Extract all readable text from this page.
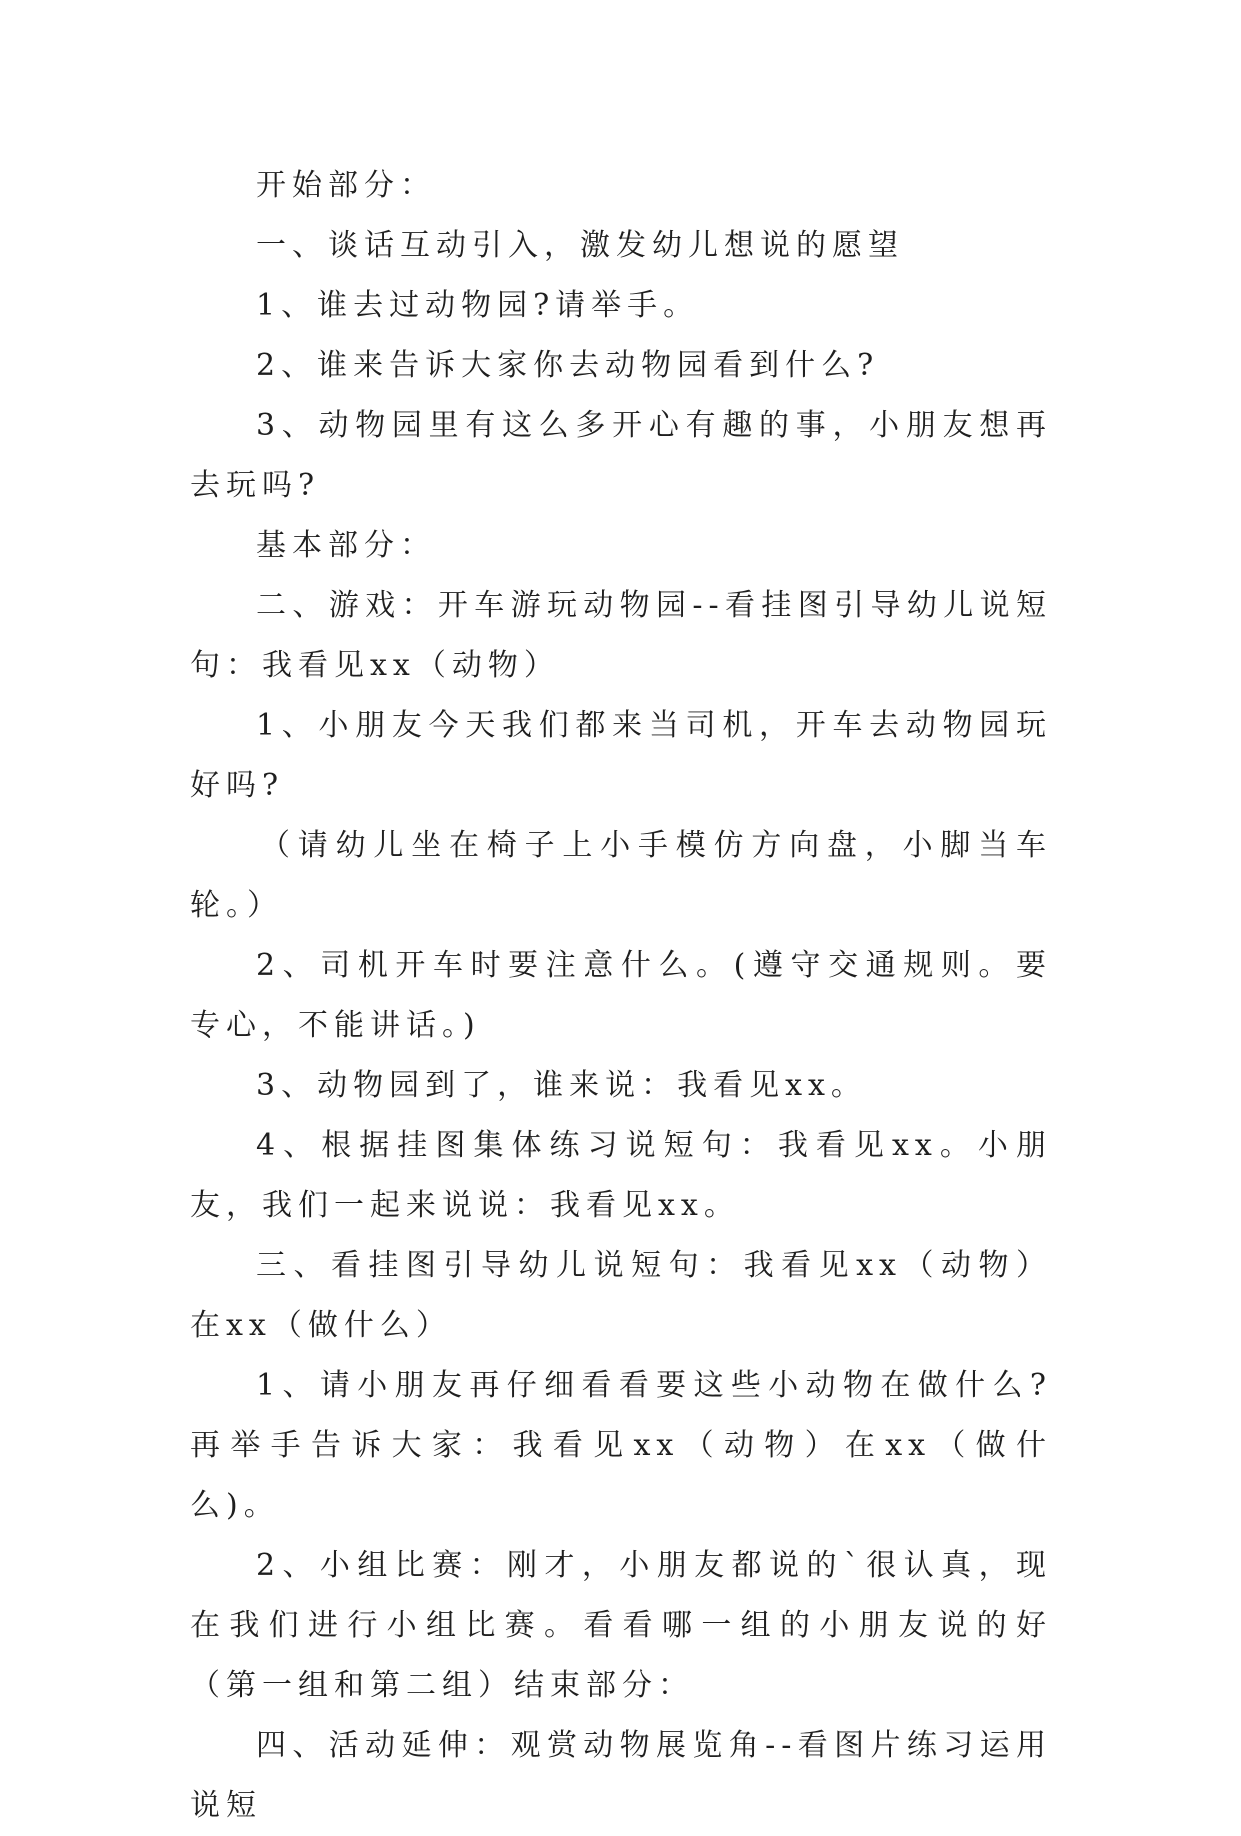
开始部分：

一、谈话互动引入，激发幼儿想说的愿望

1、谁去过动物园?请举手。

2、谁来告诉大家你去动物园看到什么?

3、动物园里有这么多开心有趣的事，小朋友想再去玩吗?

基本部分：

二、游戏：开车游玩动物园--看挂图引导幼儿说短句：我看见xx（动物）

1、小朋友今天我们都来当司机，开车去动物园玩好吗?

（请幼儿坐在椅子上小手模仿方向盘，小脚当车轮。）

2、司机开车时要注意什么。(遵守交通规则。要专心，不能讲话。)

3、动物园到了，谁来说：我看见xx。

4、根据挂图集体练习说短句：我看见xx。小朋友，我们一起来说说：我看见xx。

三、看挂图引导幼儿说短句：我看见xx（动物）在xx（做什么）

1、请小朋友再仔细看看要这些小动物在做什么?再举手告诉大家：我看见xx（动物）在xx（做什么)。

2、小组比赛：刚才，小朋友都说的`很认真，现在我们进行小组比赛。看看哪一组的小朋友说的好（第一组和第二组）结束部分：

四、活动延伸：观赏动物展览角--看图片练习运用说短
